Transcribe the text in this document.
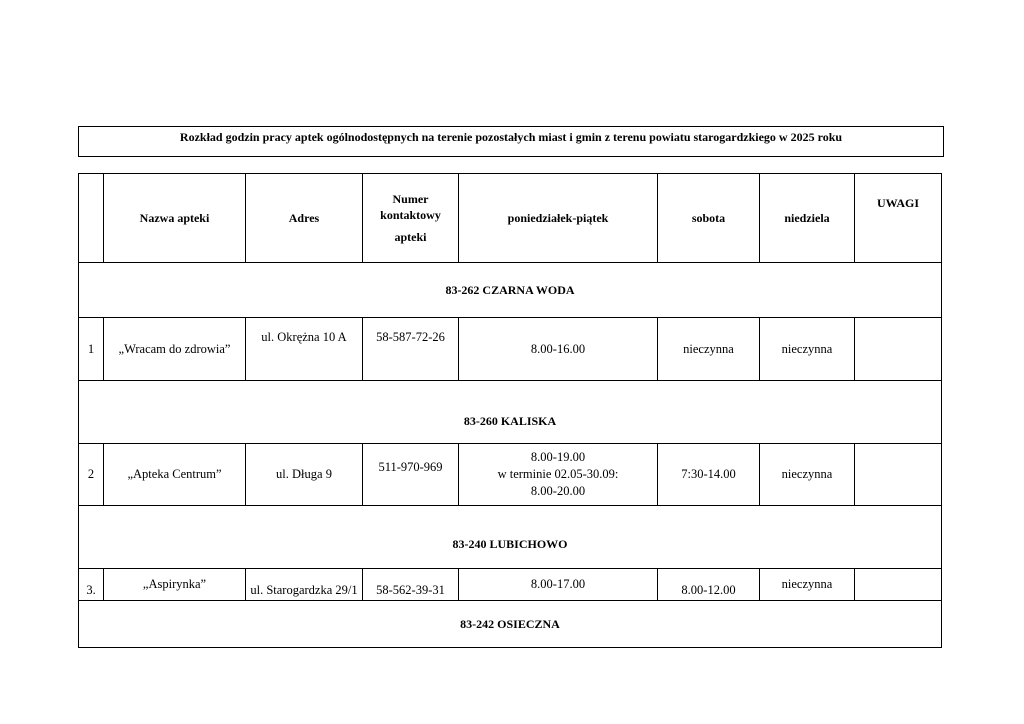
Rozkład godzin pracy aptek ogólnodostępnych na terenie pozostałych miast i gmin z terenu powiatu starogardzkiego w 2025 roku
	Nazwa apteki	Adres	Numer
kontaktowy
apteki	poniedziałek-piątek	sobota	niedziela	UWAGI
83-262 CZARNA WODA							
1	„Wracam do zdrowia”	ul. Okrężna 10 A	58-587-72-26	8.00-16.00	nieczynna	nieczynna	
83-260 KALISKA							
2	„Apteka Centrum”	ul. Długa 9	511-970-969	8.00-19.00
w terminie 02.05-30.09:
8.00-20.00	7:30-14.00	nieczynna	
83-240 LUBICHOWO							
3.	„Aspirynka”	ul. Starogardzka 29/1	58-562-39-31	8.00-17.00	8.00-12.00	nieczynna	
83-242 OSIECZNA							
